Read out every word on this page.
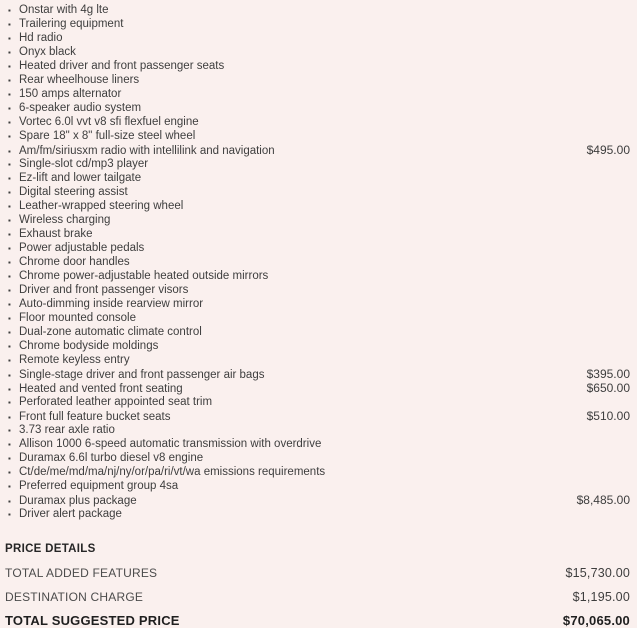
▪ Onstar with 4g lte
▪ Trailering equipment
▪ Hd radio
▪ Onyx black
▪ Heated driver and front passenger seats
▪ Rear wheelhouse liners
▪ 150 amps alternator
▪ 6-speaker audio system
▪ Vortec 6.0l vvt v8 sfi flexfuel engine
▪ Spare 18" x 8" full-size steel wheel
▪ Am/fm/siriusxm radio with intellilink and navigation	$495.00
▪ Single-slot cd/mp3 player
▪ Ez-lift and lower tailgate
▪ Digital steering assist
▪ Leather-wrapped steering wheel
▪ Wireless charging
▪ Exhaust brake
▪ Power adjustable pedals
▪ Chrome door handles
▪ Chrome power-adjustable heated outside mirrors
▪ Driver and front passenger visors
▪ Auto-dimming inside rearview mirror
▪ Floor mounted console
▪ Dual-zone automatic climate control
▪ Chrome bodyside moldings
▪ Remote keyless entry
▪ Single-stage driver and front passenger air bags	$395.00
▪ Heated and vented front seating	$650.00
▪ Perforated leather appointed seat trim
▪ Front full feature bucket seats	$510.00
▪ 3.73 rear axle ratio
▪ Allison 1000 6-speed automatic transmission with overdrive
▪ Duramax 6.6l turbo diesel v8 engine
▪ Ct/de/me/md/ma/nj/ny/or/pa/ri/vt/wa emissions requirements
▪ Preferred equipment group 4sa
▪ Duramax plus package	$8,485.00
▪ Driver alert package
PRICE DETAILS
TOTAL ADDED FEATURES	$15,730.00
DESTINATION CHARGE	$1,195.00
TOTAL SUGGESTED PRICE	$70,065.00
